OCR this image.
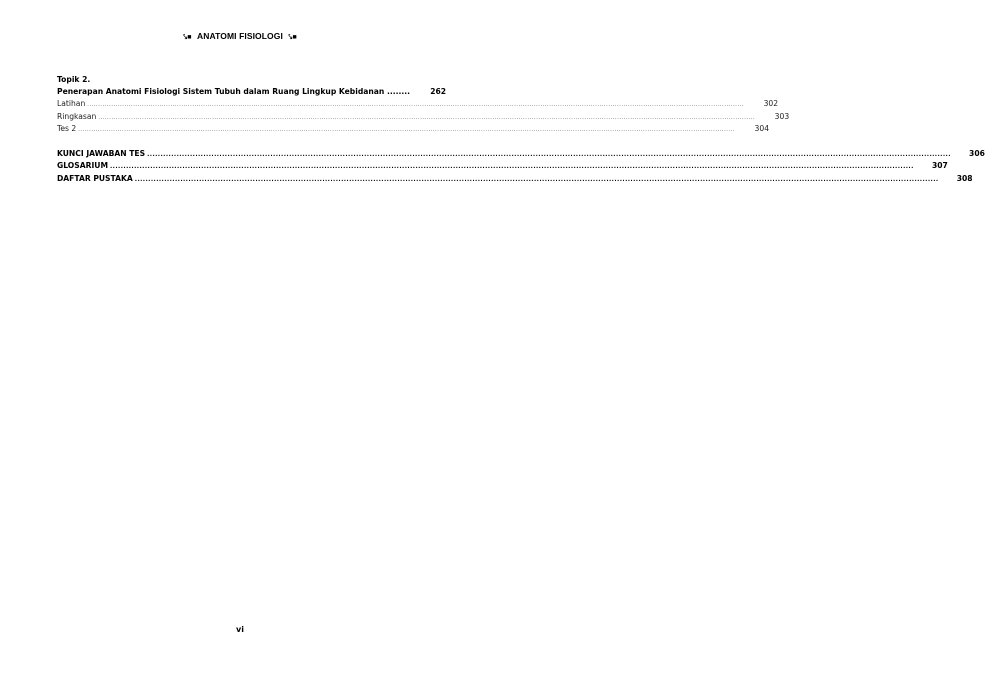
⤥■ ANATOMI FISIOLOGI ⤥■
Topik 2.
Penerapan Anatomi Fisiologi Sistem Tubuh dalam Ruang Lingkup Kebidanan ........	262
Latihan ............................................................................................................................................................................................................................................................................................................	302
Ringkasan ............................................................................................................................................................................................................................................................................................................	303
Tes 2 ............................................................................................................................................................................................................................................................................................................	304
KUNCI JAWABAN TES ............................................................................................................................................................................................................................................................................................................	306
GLOSARIUM ............................................................................................................................................................................................................................................................................................................	307
DAFTAR PUSTAKA ............................................................................................................................................................................................................................................................................................................	308
vi
